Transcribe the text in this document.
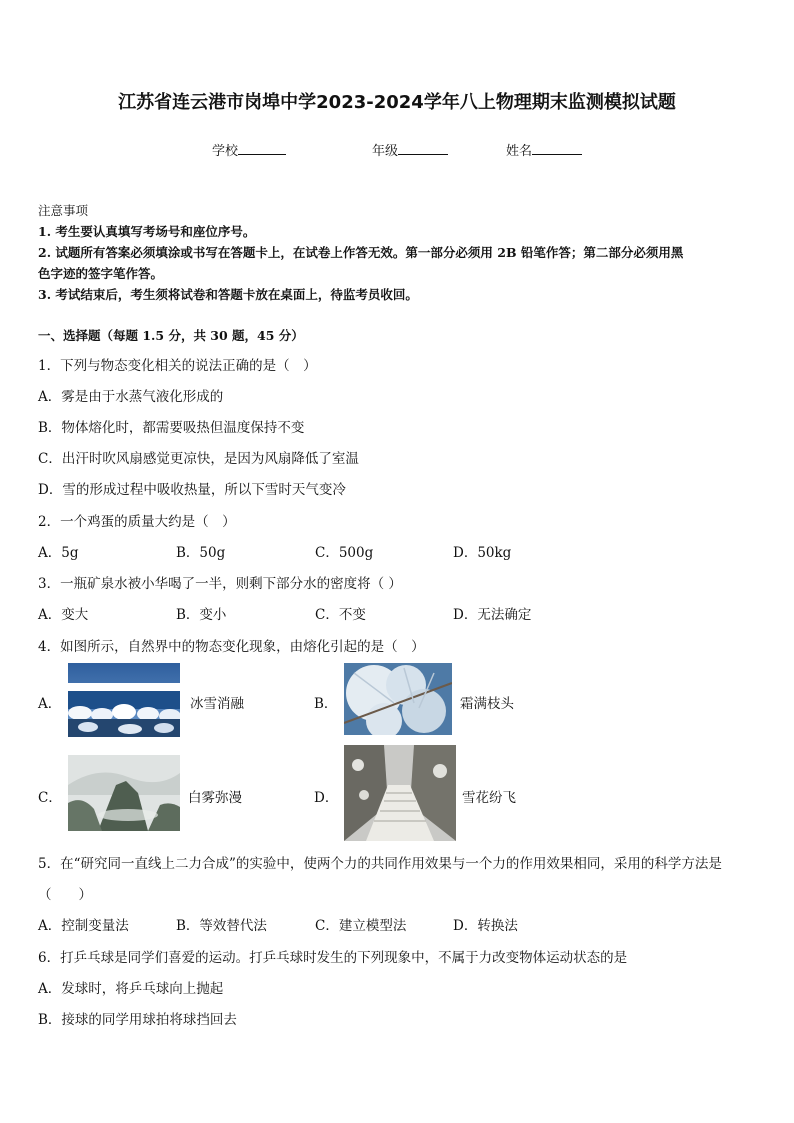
江苏省连云港市岗埠中学2023-2024学年八上物理期末监测模拟试题
学校	年级	姓名
注意事项
1. 考生要认真填写考场号和座位序号。
2. 试题所有答案必须填涂或书写在答题卡上，在试卷上作答无效。第一部分必须用 2B 铅笔作答；第二部分必须用黑
色字迹的签字笔作答。
3. 考试结束后，考生须将试卷和答题卡放在桌面上，待监考员收回。
一、选择题（每题 1.5 分，共 30 题，45 分）
1．下列与物态变化相关的说法正确的是（　）
A．雾是由于水蒸气液化形成的
B．物体熔化时，都需要吸热但温度保持不变
C．出汗时吹风扇感觉更凉快，是因为风扇降低了室温
D．雪的形成过程中吸收热量，所以下雪时天气变冷
2．一个鸡蛋的质量大约是（　）
A．5g	B．50g	C．500g	D．50kg
3．一瓶矿泉水被小华喝了一半，则剩下部分水的密度将（ ）
A．变大	B．变小	C．不变	D．无法确定
4．如图所示，自然界中的物态变化现象，由熔化引起的是（　）
A．	冰雪消融	B．	霜满枝头
C．	白雾弥漫	D．	雪花纷飞
5．在“研究同一直线上二力合成”的实验中，使两个力的共同作用效果与一个力的作用效果相同，采用的科学方法是
（　　）
A．控制变量法	B．等效替代法	C．建立模型法	D．转换法
6．打乒乓球是同学们喜爱的运动。打乒乓球时发生的下列现象中，不属于力改变物体运动状态的是
A．发球时，将乒乓球向上抛起
B．接球的同学用球拍将球挡回去
